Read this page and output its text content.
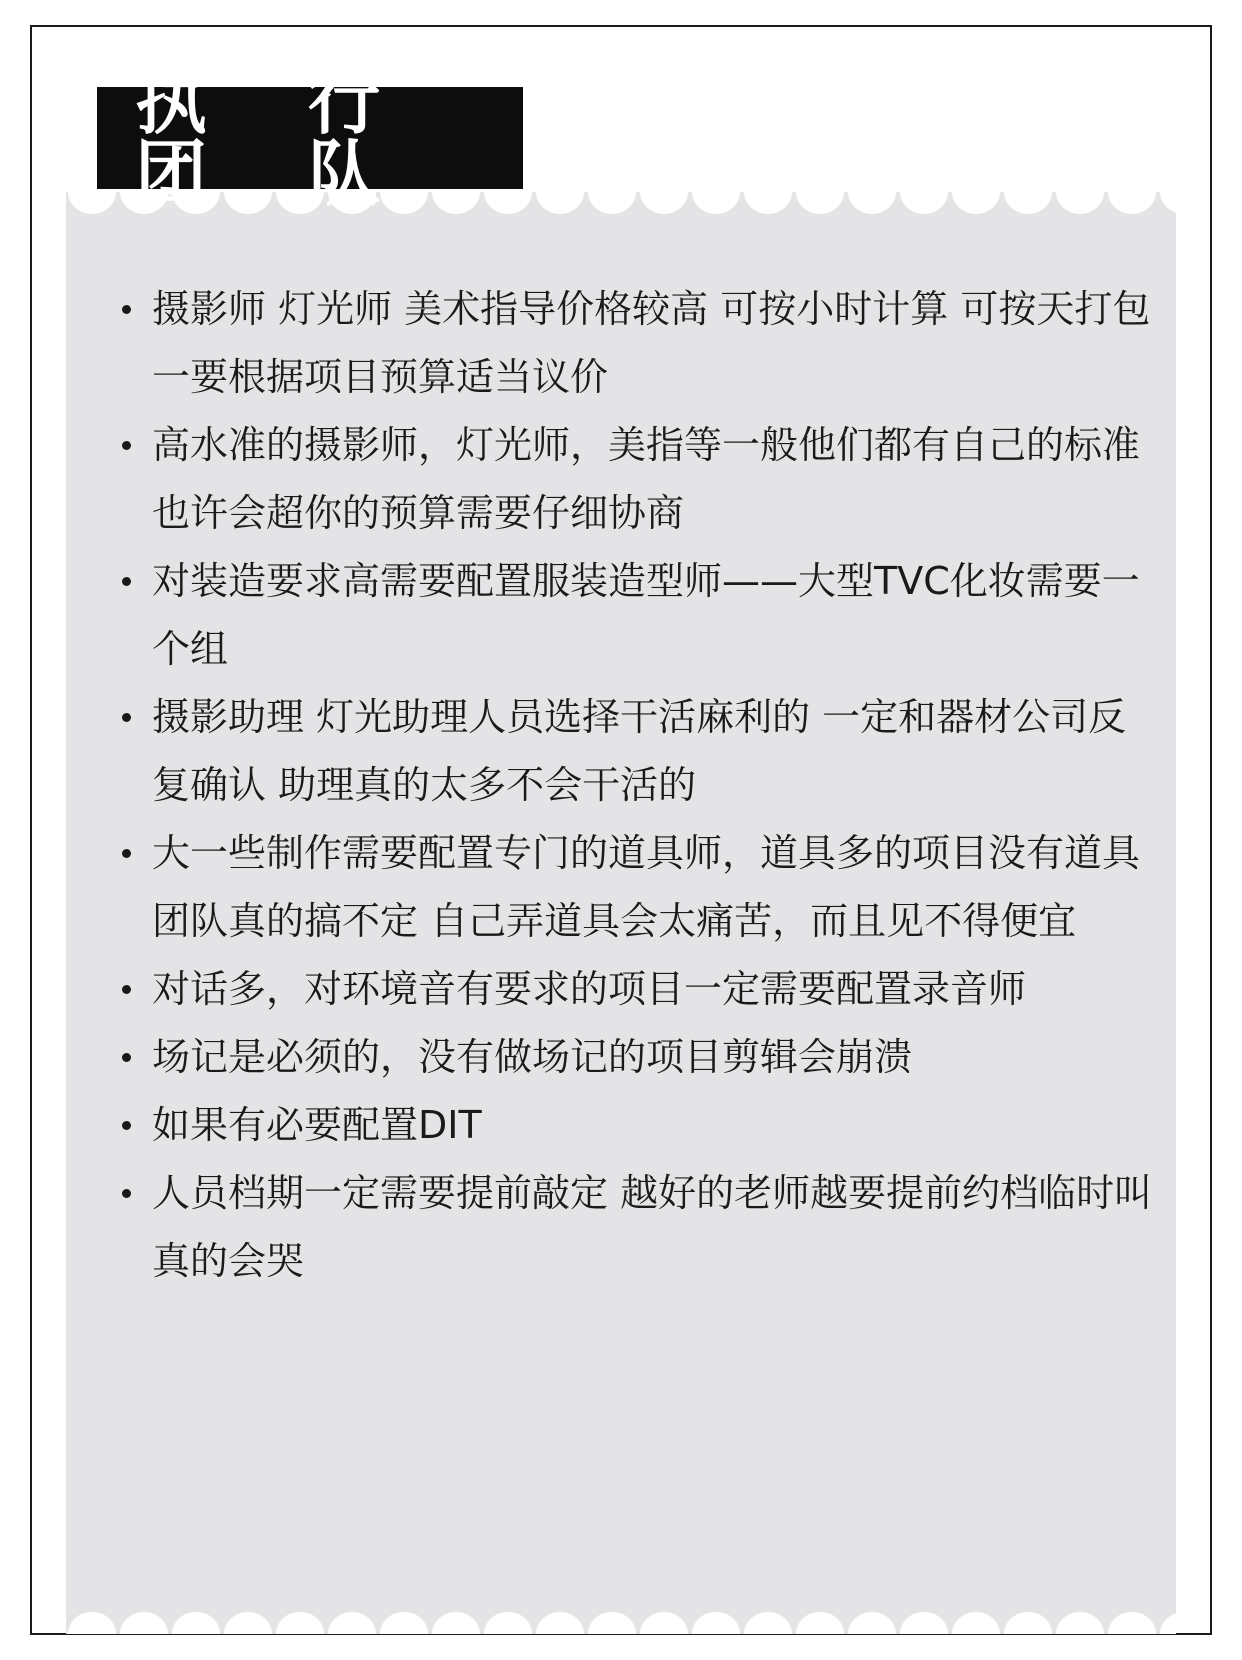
执 行 团 队
摄影师 灯光师 美术指导价格较高 可按小时计算 可按天打包一要根据项目预算适当议价
高水准的摄影师，灯光师，美指等一般他们都有自己的标准 也许会超你的预算需要仔细协商
对装造要求高需要配置服装造型师——大型TVC化妆需要一个组
摄影助理 灯光助理人员选择干活麻利的 一定和器材公司反复确认 助理真的太多不会干活的
大一些制作需要配置专门的道具师，道具多的项目没有道具团队真的搞不定 自己弄道具会太痛苦，而且见不得便宜
对话多，对环境音有要求的项目一定需要配置录音师
场记是必须的，没有做场记的项目剪辑会崩溃
如果有必要配置DIT
人员档期一定需要提前敲定 越好的老师越要提前约档临时叫真的会哭
